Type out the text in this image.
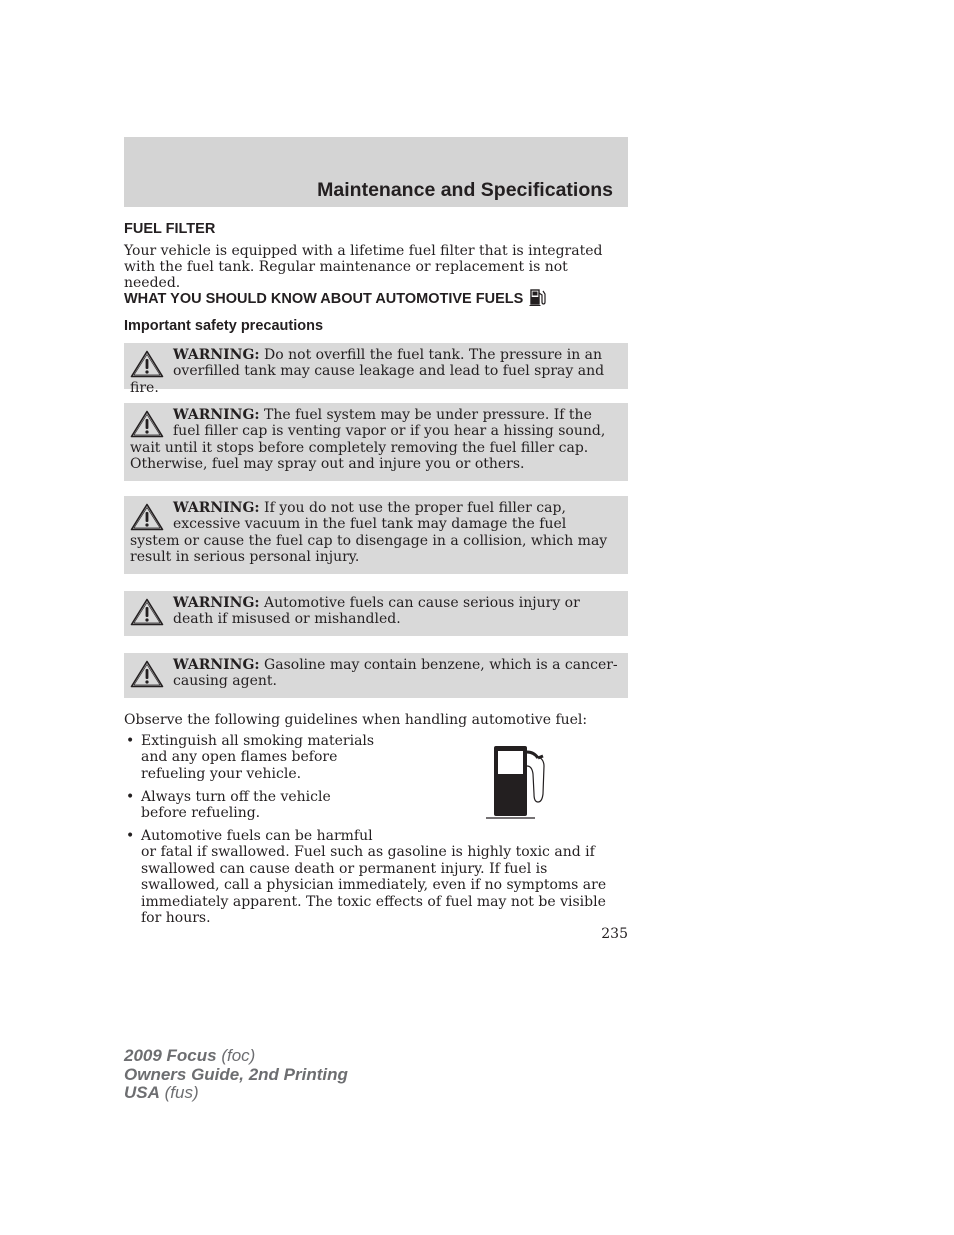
Maintenance and Specifications
FUEL FILTER
Your vehicle is equipped with a lifetime fuel filter that is integrated with the fuel tank. Regular maintenance or replacement is not needed.
WHAT YOU SHOULD KNOW ABOUT AUTOMOTIVE FUELS
Important safety precautions
WARNING: Do not overfill the fuel tank. The pressure in an overfilled tank may cause leakage and lead to fuel spray and fire.
WARNING: The fuel system may be under pressure. If the fuel filler cap is venting vapor or if you hear a hissing sound, wait until it stops before completely removing the fuel filler cap. Otherwise, fuel may spray out and injure you or others.
WARNING: If you do not use the proper fuel filler cap, excessive vacuum in the fuel tank may damage the fuel system or cause the fuel cap to disengage in a collision, which may result in serious personal injury.
WARNING: Automotive fuels can cause serious injury or death if misused or mishandled.
WARNING: Gasoline may contain benzene, which is a cancer-causing agent.
Observe the following guidelines when handling automotive fuel:
• Extinguish all smoking materials and any open flames before refueling your vehicle.
• Always turn off the vehicle before refueling.
• Automotive fuels can be harmful
or fatal if swallowed. Fuel such as gasoline is highly toxic and if swallowed can cause death or permanent injury. If fuel is swallowed, call a physician immediately, even if no symptoms are immediately apparent. The toxic effects of fuel may not be visible for hours.
235
2009 Focus (foc)
Owners Guide, 2nd Printing
USA (fus)
